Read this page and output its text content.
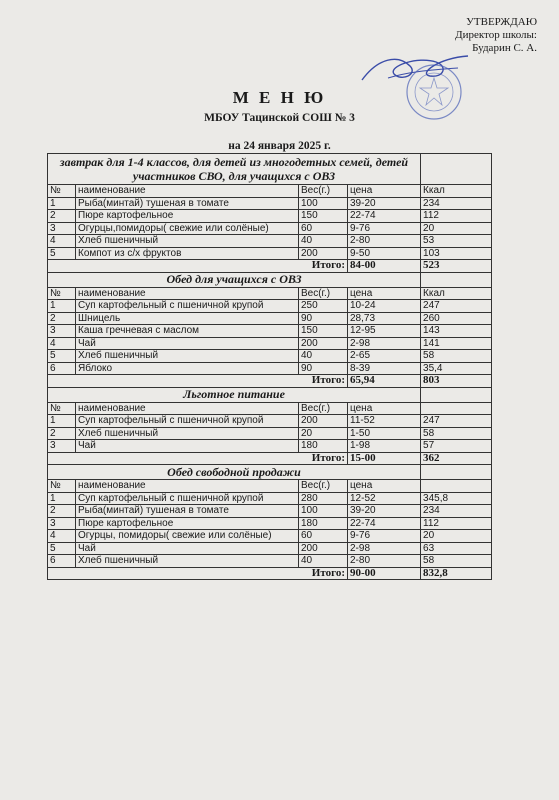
УТВЕРЖДАЮ
Директор школы:
Бударин С. А.
М Е Н Ю
МБОУ Тацинской СОШ № 3
на 24 января 2025 г.
завтрак для 1-4 классов, для детей из многодетных семей, детей участников СВО, для учащихся с ОВЗ				
№	наименование	Вес(г.)	цена	Ккал
1	Рыба(минтай) тушеная в томате	100	39-20	234
2	Пюре картофельное	150	22-74	112
3	Огурцы,помидоры( свежие или солёные)	60	9-76	20
4	Хлеб пшеничный	40	2-80	53
5	Компот из с/х фруктов	200	9-50	103
Итого:			84-00	523
Обед для учащихся с ОВЗ				
№	наименование	Вес(г.)	цена	Ккал
1	Суп картофельный с пшеничной крупой	250	10-24	247
2	Шницель	90	28,73	260
3	Каша гречневая с маслом	150	12-95	143
4	Чай	200	2-98	141
5	Хлеб пшеничный	40	2-65	58
6	Яблоко	90	8-39	35,4
Итого:			65,94	803
Льготное питание				
№	наименование	Вес(г.)	цена	
1	Суп картофельный с пшеничной крупой	200	11-52	247
2	Хлеб пшеничный	20	1-50	58
3	Чай	180	1-98	57
Итого:			15-00	362
Обед свободной продажи				
№	наименование	Вес(г.)	цена	
1	Суп картофельный с пшеничной крупой	280	12-52	345,8
2	Рыба(минтай) тушеная в томате	100	39-20	234
3	Пюре картофельное	180	22-74	112
4	Огурцы, помидоры( свежие или солёные)	60	9-76	20
5	Чай	200	2-98	63
6	Хлеб пшеничный	40	2-80	58
Итого:			90-00	832,8
